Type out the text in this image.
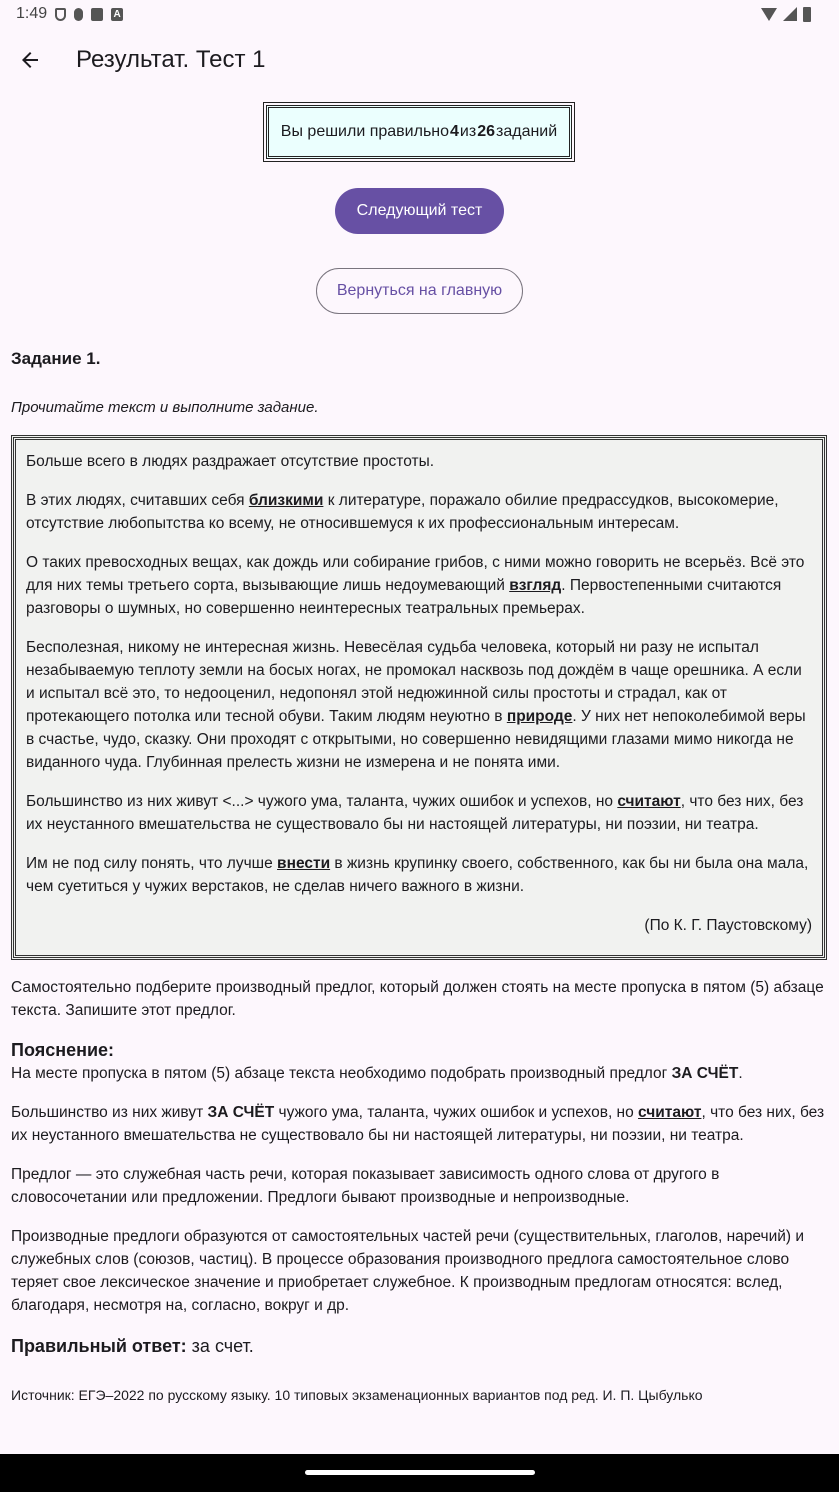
1:49	A
Результат. Тест 1
Вы решили правильно 4 из 26 заданий
Следующий тест
Вернуться на главную
Задание 1.
Прочитайте текст и выполните задание.

Больше всего в людях раздражает отсутствие простоты.

В этих людях, считавших себя близкими к литературе, поражало обилие предрассудков, высокомерие, отсутствие любопытства ко всему, не относившемуся к их профессиональным интересам.

О таких превосходных вещах, как дождь или собирание грибов, с ними можно говорить не всерьёз. Всё это для них темы третьего сорта, вызывающие лишь недоумевающий взгляд. Первостепенными считаются разговоры о шумных, но совершенно неинтересных театральных премьерах.

Бесполезная, никому не интересная жизнь. Невесёлая судьба человека, который ни разу не испытал незабываемую теплоту земли на босых ногах, не промокал насквозь под дождём в чаще орешника. А если и испытал всё это, то недооценил, недопонял этой недюжинной силы простоты и страдал, как от протекающего потолка или тесной обуви. Таким людям неуютно в природе. У них нет непоколебимой веры в счастье, чудо, сказку. Они проходят с открытыми, но совершенно невидящими глазами мимо никогда не виданного чуда. Глубинная прелесть жизни не измерена и не понята ими.

Большинство из них живут <...> чужого ума, таланта, чужих ошибок и успехов, но считают, что без них, без их неустанного вмешательства не существовало бы ни настоящей литературы, ни поэзии, ни театра.

Им не под силу понять, что лучше внести в жизнь крупинку своего, собственного, как бы ни была она мала, чем суетиться у чужих верстаков, не сделав ничего важного в жизни.

(По К. Г. Паустовскому)

Самостоятельно подберите производный предлог, который должен стоять на месте пропуска в пятом (5) абзаце текста. Запишите этот предлог.
Пояснение:

На месте пропуска в пятом (5) абзаце текста необходимо подобрать производный предлог ЗА СЧЁТ.

Большинство из них живут ЗА СЧЁТ чужого ума, таланта, чужих ошибок и успехов, но считают, что без них, без их неустанного вмешательства не существовало бы ни настоящей литературы, ни поэзии, ни театра.

Предлог — это служебная часть речи, которая показывает зависимость одного слова от другого в словосочетании или предложении. Предлоги бывают производные и непроизводные.

Производные предлоги образуются от самостоятельных частей речи (существительных, глаголов, наречий) и служебных слов (союзов, частиц). В процессе образования производного предлога самостоятельное слово теряет свое лексическое значение и приобретает служебное. К производным предлогам относятся: вслед, благодаря, несмотря на, согласно, вокруг и др.

Правильный ответ: за счет.
Источник: ЕГЭ–2022 по русскому языку. 10 типовых экзаменационных вариантов под ред. И. П. Цыбулько
